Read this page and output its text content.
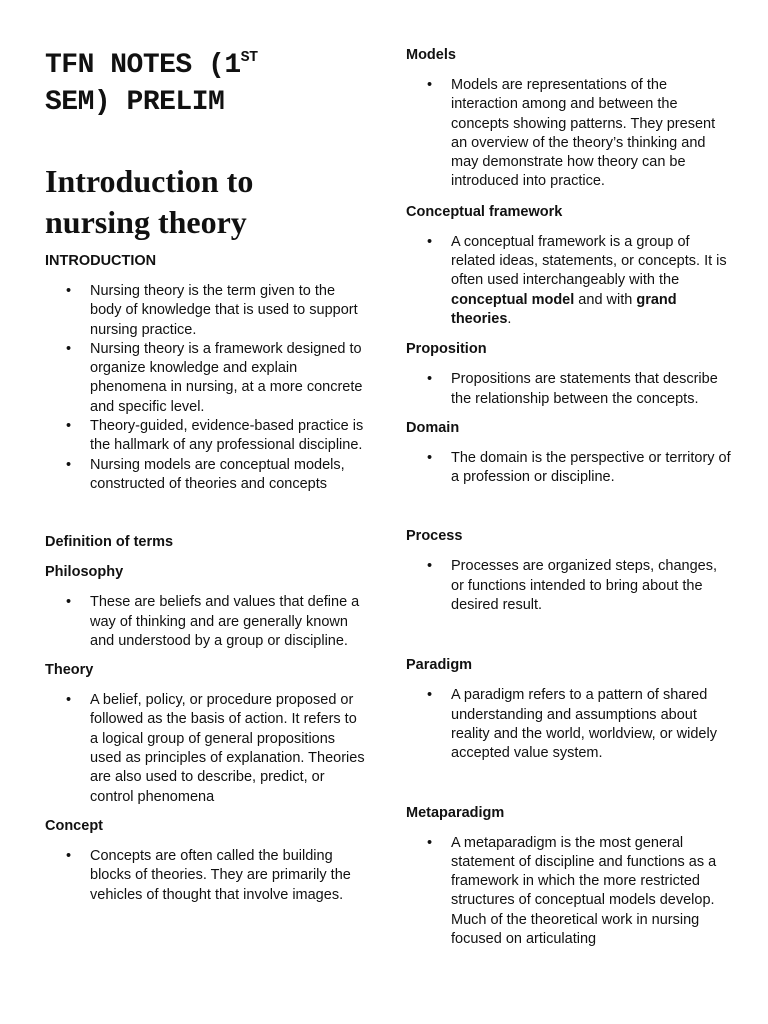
TFN NOTES (1ST
SEM) PRELIM
Introduction to
nursing theory

INTRODUCTION

• Nursing theory is the term given to the body of knowledge that is used to support nursing practice.
• Nursing theory is a framework designed to organize knowledge and explain phenomena in nursing, at a more concrete and specific level.
• Theory-guided, evidence-based practice is the hallmark of any professional discipline.
• Nursing models are conceptual models, constructed of theories and concepts

Definition of terms

Philosophy

• These are beliefs and values that define a way of thinking and are generally known and understood by a group or discipline.

Theory

• A belief, policy, or procedure proposed or followed as the basis of action. It refers to a logical group of general propositions used as principles of explanation. Theories are also used to describe, predict, or control phenomena

Concept

• Concepts are often called the building blocks of theories. They are primarily the vehicles of thought that involve images.

Models

• Models are representations of the interaction among and between the concepts showing patterns. They present an overview of the theory’s thinking and may demonstrate how theory can be introduced into practice.

Conceptual framework

• A conceptual framework is a group of related ideas, statements, or concepts. It is often used interchangeably with the conceptual model and with grand theories.

Proposition

• Propositions are statements that describe the relationship between the concepts.

Domain

• The domain is the perspective or territory of a profession or discipline.

Process

• Processes are organized steps, changes, or functions intended to bring about the desired result.

Paradigm

• A paradigm refers to a pattern of shared understanding and assumptions about reality and the world, worldview, or widely accepted value system.

Metaparadigm

• A metaparadigm is the most general statement of discipline and functions as a framework in which the more restricted structures of conceptual models develop. Much of the theoretical work in nursing focused on articulating
